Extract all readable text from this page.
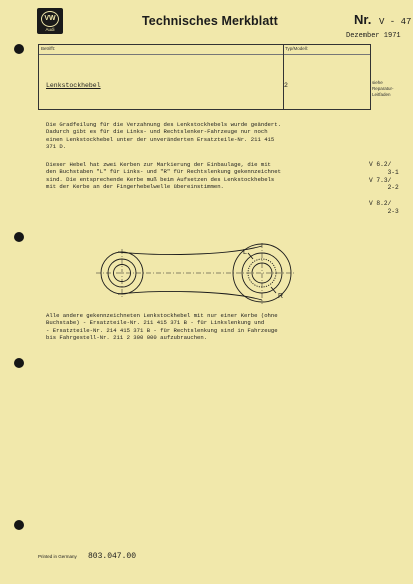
VW
Audi
Technisches Merkblatt	Nr. V - 47
Dezember 1971
Betrifft:	Typ/Modell:
Lenkstockhebel	2	siehe
Reparatur-
Leitfaden
Die Gradfeilung für die Verzahnung des Lenkstockhebels wurde geändert.
Dadurch gibt es für die Links- und Rechtslenker-Fahrzeuge nur noch
einen Lenkstockhebel unter der unveränderten Ersatzteile-Nr. 211 415
371 D.
Dieser Hebel hat zwei Kerben zur Markierung der Einbaulage, die mit
den Buchstaben "L" für Links- und "R" für Rechtslenkung gekennzeichnet
sind. Die entsprechende Kerbe muß beim Aufsetzen des Lenkstockhebels
mit der Kerbe an der Fingerhebelwelle übereinstimmen.
V 6.2/
3-1
V 7.3/
2-2

V 8.2/
2-3
L
R
Alle andere gekennzeichneten Lenkstockhebel mit nur einer Kerbe (ohne
Buchstabe) - Ersatzteile-Nr. 211 415 371 B - für Linkslenkung und
- Ersatzteile-Nr. 214 415 371 B - für Rechtslenkung sind in Fahrzeuge
bis Fahrgestell-Nr. 211 2 300 000 aufzubrauchen.
Printed in Germany 803.047.00
